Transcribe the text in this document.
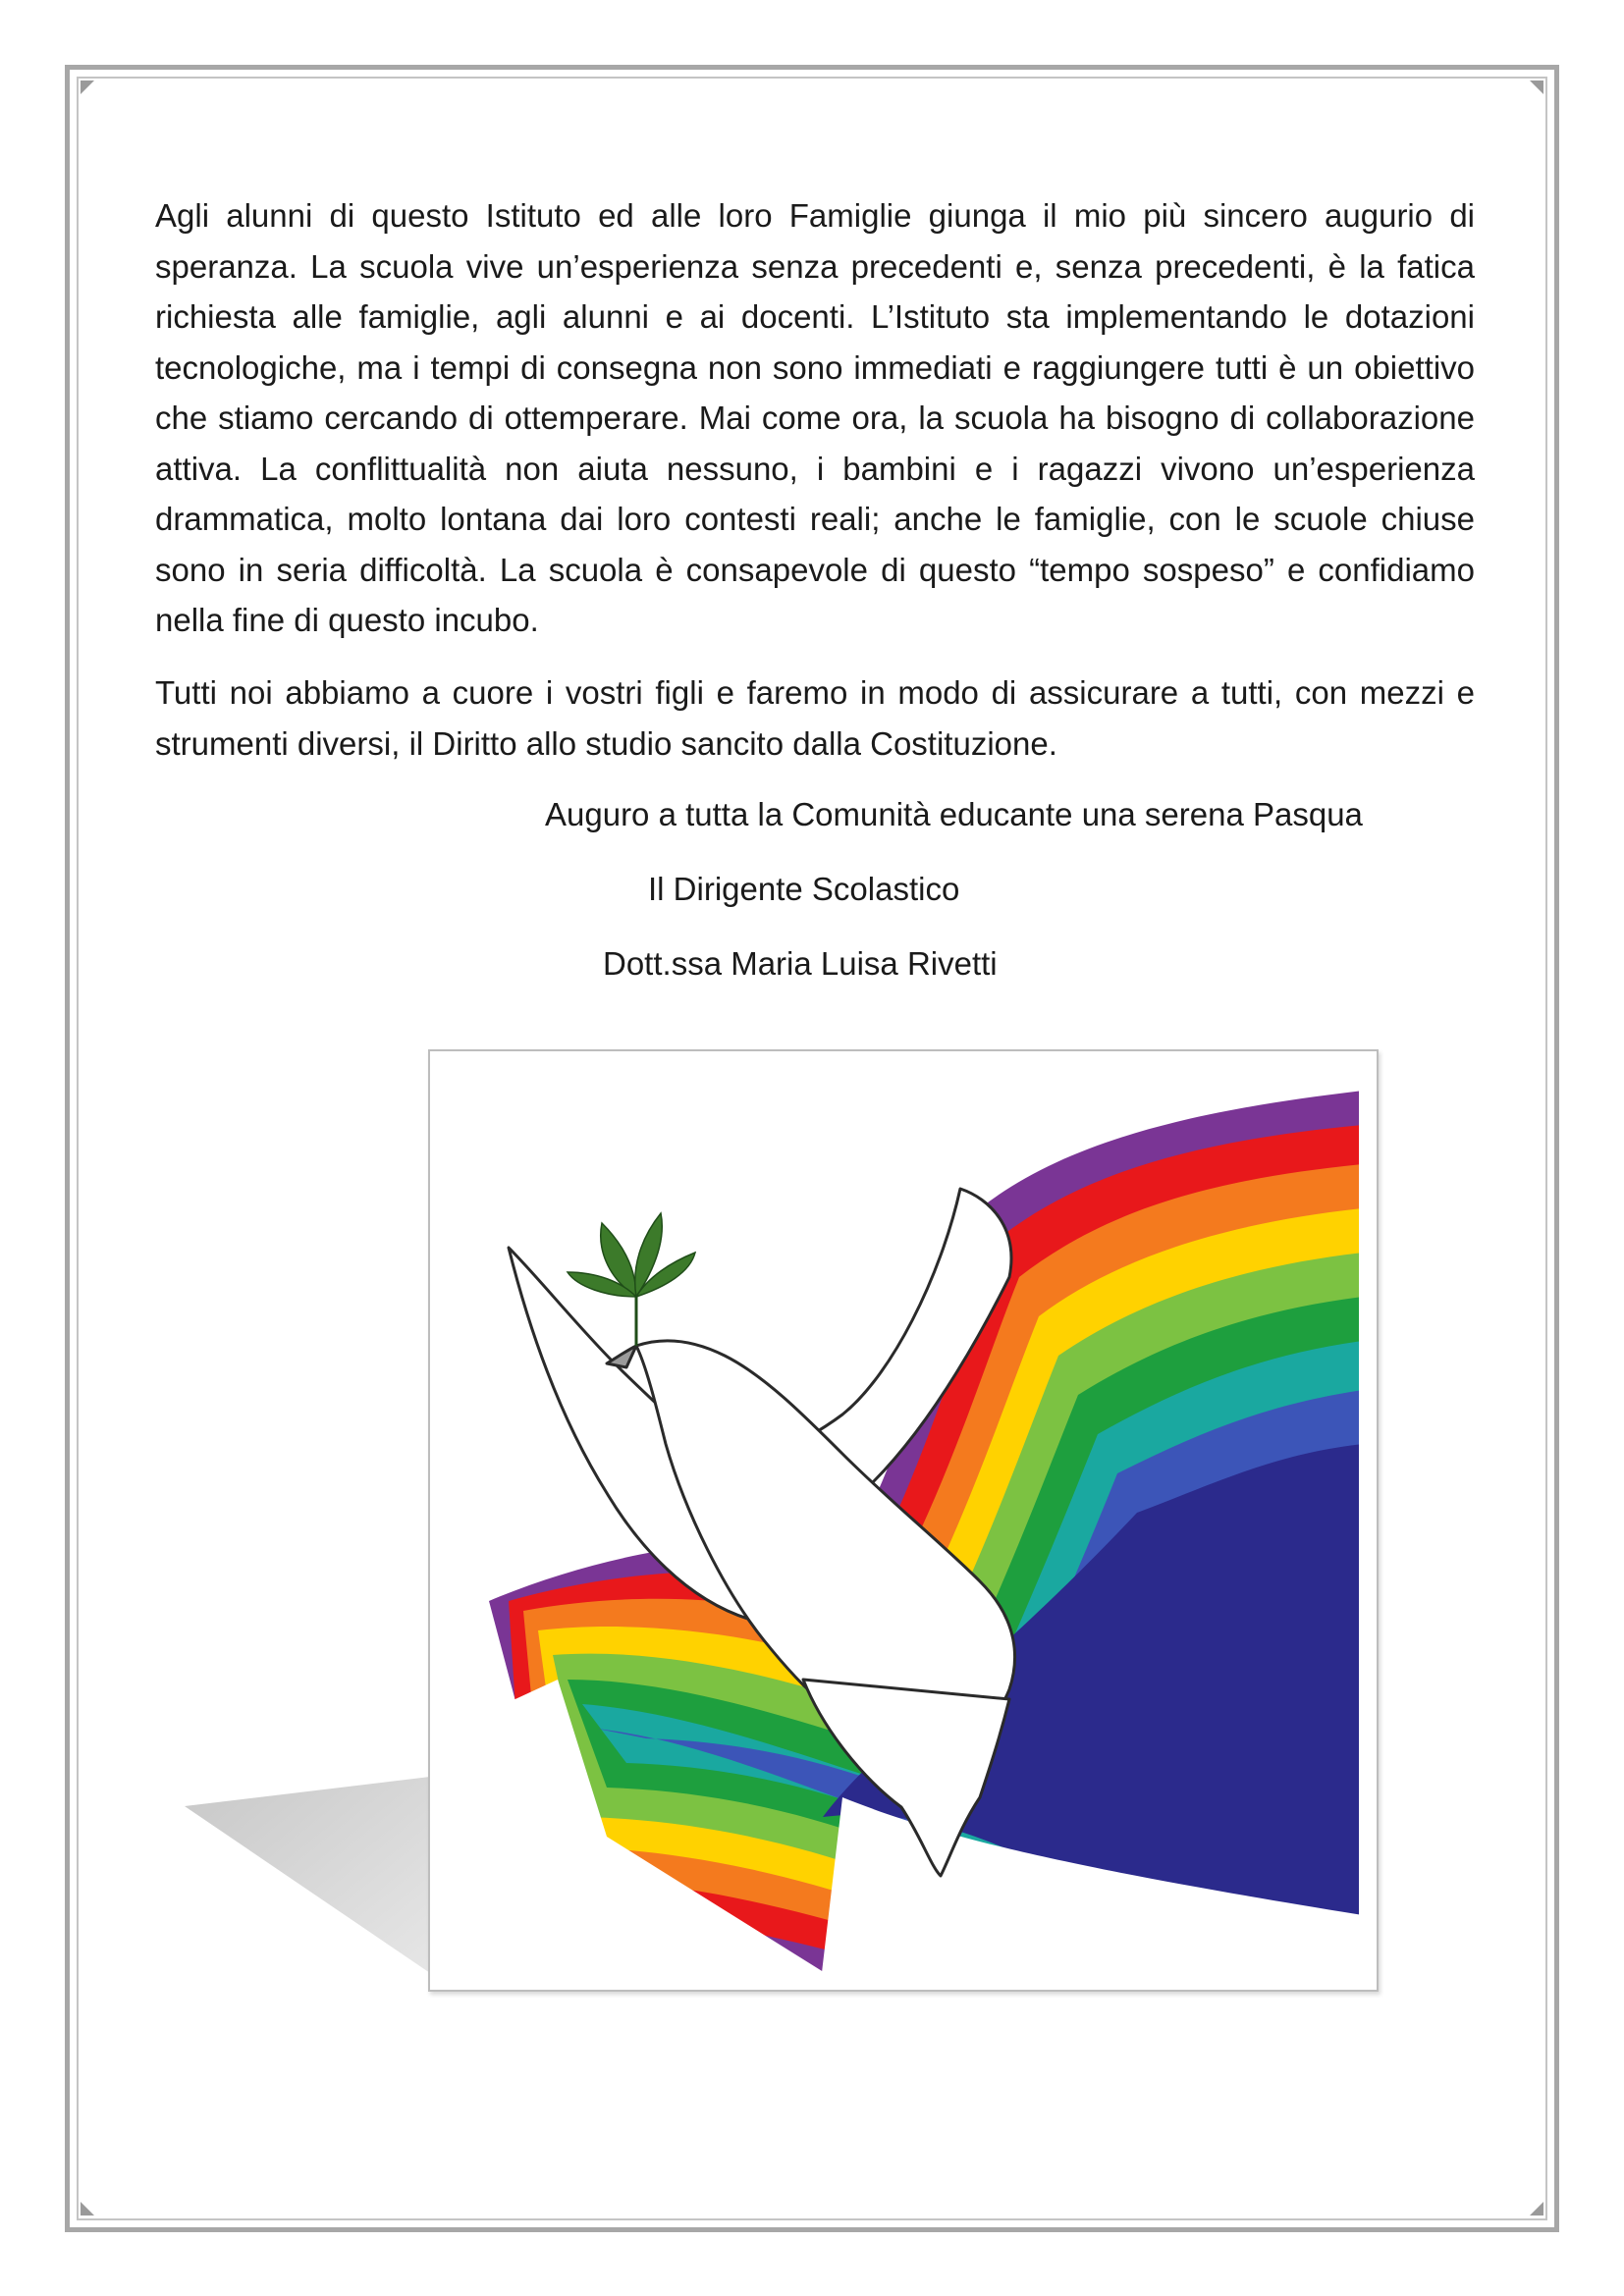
Agli alunni di questo Istituto ed alle loro Famiglie giunga il mio più sincero augurio di speranza. La scuola vive un’esperienza senza precedenti e, senza precedenti, è la fatica richiesta alle famiglie, agli alunni e ai docenti. L’Istituto sta implementando le dotazioni tecnologiche, ma i tempi di consegna non sono immediati e raggiungere tutti è un obiettivo che stiamo cercando di ottemperare. Mai come ora, la scuola ha bisogno di collaborazione attiva. La conflittualità non aiuta nessuno, i bambini e i ragazzi vivono un’esperienza drammatica, molto lontana dai loro contesti reali; anche le famiglie, con le scuole chiuse sono in seria difficoltà. La scuola è consapevole di questo “tempo sospeso” e confidiamo nella fine di questo incubo.

Tutti noi abbiamo a cuore i vostri figli e faremo in modo di assicurare a tutti, con mezzi e strumenti diversi, il Diritto allo studio sancito dalla Costituzione.

Auguro a tutta la Comunità educante una serena Pasqua

Il Dirigente Scolastico

Dott.ssa Maria Luisa Rivetti
